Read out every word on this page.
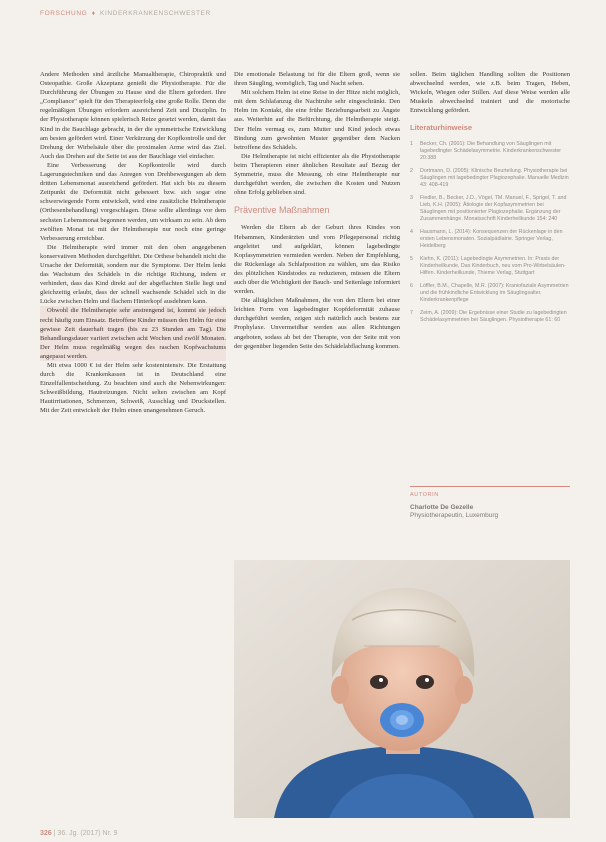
FORSCHUNG ♦ KINDERKRANKENSCHWESTER

Andere Methoden sind ärztliche Manualtherapie, Chiropraktik und Osteopathie. Große Akzeptanz genießt die Physiotherapie. Für die Durchführung der Übungen zu Hause sind die Eltern gefordert. Ihre „Compliance" spielt für den Therapieerfolg eine große Rolle. Denn die regelmäßigen Übungen erfordern ausreichend Zeit und Disziplin. In der Physiotherapie können spielerisch Reize gesetzt werden, damit das Kind in die Bauchlage gebracht, in der die symmetrische Entwicklung am besten gefördert wird. Einer Verkürzung der Kopfkontrolle und der Drehung der Wirbelsäule über die proximalen Arme wird das Ziel. Auch das Drehen auf die Seite ist aus der Bauchlage viel einfacher.

Eine Verbesserung der Kopfkontrolle wird durch Lagerungstechniken und das Anregen von Drehbewegungen ab dem dritten Lebensmonat ausreichend gefördert. Hat sich bis zu diesem Zeitpunkt die Deformität nicht gebessert bzw. sich sogar eine schwerwiegende Form entwickelt, wird eine zusätzliche Helmtherapie (Orthesenbehandlung) vorgeschlagen. Diese sollte allerdings vor dem sechsten Lebensmonat begonnen werden, um wirksam zu sein. Ab dem zwölften Monat ist mit der Helmtherapie nur noch eine geringe Verbesserung erreichbar.

Die Helmtherapie wird immer mit den oben angegebenen konservativen Methoden durchgeführt. Die Orthese behandelt nicht die Ursache der Deformität, sondern nur die Symptome. Der Helm lenkt das Wachstum des Schädels in die richtige Richtung, indem er verhindert, dass das Kind direkt auf der abgeflachten Stelle liegt und gleichzeitig erlaubt, dass der schnell wachsende Schädel sich in die Lücke zwischen Helm und flachem Hinterkopf ausdehnen kann.

Obwohl die Helmtherapie sehr anstrengend ist, kommt sie jedoch recht häufig zum Einsatz. Betroffene Kinder müssen den Helm für eine gewisse Zeit dauerhaft tragen (bis zu 23 Stunden am Tag). Die Behandlungsdauer variiert zwischen acht Wochen und zwölf Monaten. Der Helm muss regelmäßig wegen des raschen Kopfwachstums angepasst werden.

Mit etwa 1000 € ist der Helm sehr kostenintensiv. Die Erstattung durch die Krankenkassen ist in Deutschland eine Einzelfallentscheidung. Zu beachten sind auch die Nebenwirkungen: Schweißbildung, Hautreizungen. Nicht selten zwischen am Kopf Hautirritationen, Schmerzen, Schweiß, Ausschlag und Druckstellen. Mit der Zeit entwickelt der Helm einen unangenehmen Geruch.

Die emotionale Belastung ist für die Eltern groß, wenn sie ihren Säugling, womöglich, Tag und Nacht sehen.

Mit solchem Helm ist eine Reise in der Hitze nicht möglich, mit dem Schlafanzug die Nachtruhe sehr eingeschränkt. Den Helm im Kontakt, die eine frühe Beziehungsarbeit zu Ängste aus. Weiterhin auf die Befürchtung, die Helmtherapie steigt. Der Helm vermag es, zum Mutter und Kind jedoch etwas Bindung zum gewohnten Muster gegenüber dem Nacken betroffene des Schädels.

Die Helmtherapie ist nicht effizienter als die Physiotherapie beim Therapieren einer ähnlichen Resultate auf Bezug der Symmetrie, muss die Messung, ob eine Helmtherapie nur durchgeführt werden, die zwischen die Kosten und Nutzen ohne Erfolg geblieben sind.

Präventive Maßnahmen

Werden die Eltern ab der Geburt ihres Kindes von Hebammen, Kinderärzten und vom Pflegepersonal richtig angeleitet und aufgeklärt, können lagebedingte Kopfasymmetrien vermieden werden. Neben der Empfehlung, die Rückenlage als Schlafposition zu wählen, um das Risiko des plötzlichen Kindstodes zu reduzieren, müssen die Eltern auch über die Wichtigkeit der Bauch- und Seitenlage informiert werden.

Die alltäglichen Maßnahmen, die von den Eltern bei einer leichten Form von lagebedingter Kopfdeformität zuhause durchgeführt werden, zeigen sich natürlich auch bestens zur Prophylaxe. Unvermeidbar werden aus allen Richtungen angeboten, sodass ab bei der Therapie, von der Seite mit von der gegenüber liegenden Seite des Schädelabflachung kommen.

sollen. Beim täglichen Handling sollten die Positionen abwechselnd werden, wie z.B. beim Tragen, Heben, Wickeln, Wiegen oder Stillen. Auf diese Weise werden alle Muskeln abwechselnd trainiert und die motorische Entwicklung gefördert.

Literaturhinweise
1 Becker, Ch. (2001): Die Behandlung von Säuglingen mit lagebedingter Schädelasymmetrie. Kinderkrankenschwester 20:388
2 Dortmann, D. (2005): Klinische Beurteilung. Physiotherapie bei Säuglingen mit lagebedingter Plagiozephalie. Manuelle Medizin 43: 408-419
3 Fiedler, B., Becker, J.D., Vögel, TM. Manuel, F., Sprigel, T. and Lieb, K.H. (2005): Ätiologie der Kopfasymmetrien bei Säuglingen mit positionierter Plagiozephalie. Ergänzung der Zusammenhänge. Monatsschrift Kinderheilkunde 154: 240
4 Hausmann, L. (2014): Konsequenzen der Rückenlage in den ersten Lebensmonaten. Sozialpädiatrie. Springer Verlag, Heidelberg
5 Kiehn, K. (2011): Lagebedingte Asymmetrien. In: Praxis der Kinderheilkunde, Das Kinderbuch, neu vom Pro-Wirbelsäulen-Hilfen. Kinderheilkunde, Thieme Verlag, Stuttgart
6 Löffler, B.M., Chapelle, M.R. (2007): Kraniofaziale Asymmetrien und die frühkindliche Entwicklung im Säuglingsalter. Kinderkrankenpflege
7 Zeim, A. (2009): Die Ergebnisse einer Studie zu lagebedingten Schädelasymmetrien bei Säuglingen. Physiotherapie 61: 60
AUTORIN
Charlotte De Gezelle
Physiotherapeutin, Luxemburg
326 | 36. Jg. (2017) Nr. 9
